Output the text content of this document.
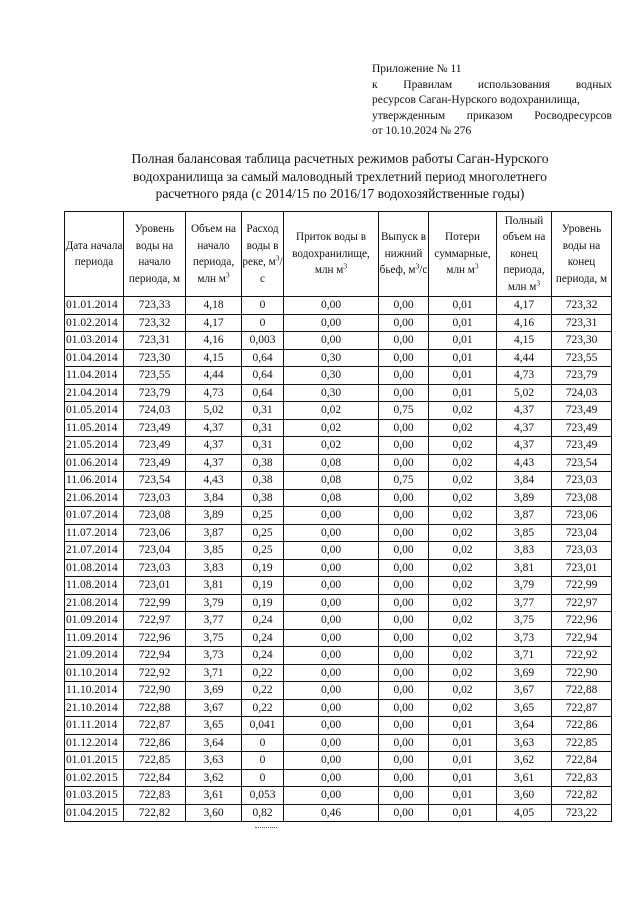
Приложение № 11
к Правилам использования водных
ресурсов Саган-Нурского водохранилища,
утвержденным приказом Росводресурсов
от 10.10.2024 № 276
Полная балансовая таблица расчетных режимов работы Саган-Нурского
водохранилища за самый маловодный трехлетний период многолетнего
расчетного ряда (с 2014/15 по 2016/17 водохозяйственные годы)
Дата начала периода	Уровень воды на начало периода, м	Объем на начало периода, млн $м^3$	Расход воды в реке, $м^3/с$	Приток воды в водохранилище, млн $м^3$	Выпуск в нижний бьеф, $м^3/с$	Потери суммарные, млн $м^3$	Полный объем на конец периода, млн $м^3$	Уровень воды на конец периода, м
01.01.2014	723,33	4,18	0	0,00	0,00	0,01	4,17	723,32
01.02.2014	723,32	4,17	0	0,00	0,00	0,01	4,16	723,31
01.03.2014	723,31	4,16	0,003	0,00	0,00	0,01	4,15	723,30
01.04.2014	723,30	4,15	0,64	0,30	0,00	0,01	4,44	723,55
11.04.2014	723,55	4,44	0,64	0,30	0,00	0,01	4,73	723,79
21.04.2014	723,79	4,73	0,64	0,30	0,00	0,01	5,02	724,03
01.05.2014	724,03	5,02	0,31	0,02	0,75	0,02	4,37	723,49
11.05.2014	723,49	4,37	0,31	0,02	0,00	0,02	4,37	723,49
21.05.2014	723,49	4,37	0,31	0,02	0,00	0,02	4,37	723,49
01.06.2014	723,49	4,37	0,38	0,08	0,00	0,02	4,43	723,54
11.06.2014	723,54	4,43	0,38	0,08	0,75	0,02	3,84	723,03
21.06.2014	723,03	3,84	0,38	0,08	0,00	0,02	3,89	723,08
01.07.2014	723,08	3,89	0,25	0,00	0,00	0,02	3,87	723,06
11.07.2014	723,06	3,87	0,25	0,00	0,00	0,02	3,85	723,04
21.07.2014	723,04	3,85	0,25	0,00	0,00	0,02	3,83	723,03
01.08.2014	723,03	3,83	0,19	0,00	0,00	0,02	3,81	723,01
11.08.2014	723,01	3,81	0,19	0,00	0,00	0,02	3,79	722,99
21.08.2014	722,99	3,79	0,19	0,00	0,00	0,02	3,77	722,97
01.09.2014	722,97	3,77	0,24	0,00	0,00	0,02	3,75	722,96
11.09.2014	722,96	3,75	0,24	0,00	0,00	0,02	3,73	722,94
21.09.2014	722,94	3,73	0,24	0,00	0,00	0,02	3,71	722,92
01.10.2014	722,92	3,71	0,22	0,00	0,00	0,02	3,69	722,90
11.10.2014	722,90	3,69	0,22	0,00	0,00	0,02	3,67	722,88
21.10.2014	722,88	3,67	0,22	0,00	0,00	0,02	3,65	722,87
01.11.2014	722,87	3,65	0,041	0,00	0,00	0,01	3,64	722,86
01.12.2014	722,86	3,64	0	0,00	0,00	0,01	3,63	722,85
01.01.2015	722,85	3,63	0	0,00	0,00	0,01	3,62	722,84
01.02.2015	722,84	3,62	0	0,00	0,00	0,01	3,61	722,83
01.03.2015	722,83	3,61	0,053	0,00	0,00	0,01	3,60	722,82
01.04.2015	722,82	3,60	0,82	0,46	0,00	0,01	4,05	723,22
